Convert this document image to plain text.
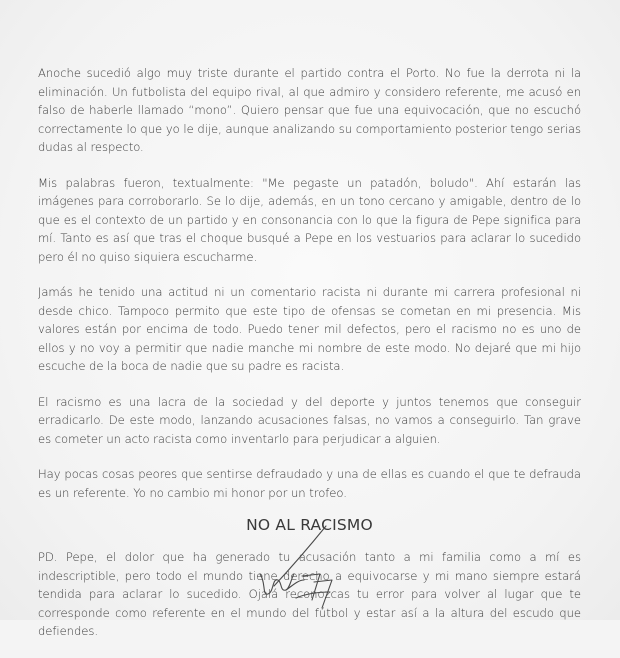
Anoche sucedió algo muy triste durante el partido contra el Porto. No fue la derrota ni la eliminación. Un futbolista del equipo rival, al que admiro y considero referente, me acusó en falso de haberle llamado “mono”. Quiero pensar que fue una equivocación, que no escuchó correctamente lo que yo le dije, aunque analizando su comportamiento posterior tengo serias dudas al respecto.

Mis palabras fueron, textualmente: "Me pegaste un patadón, boludo". Ahí estarán las imágenes para corroborarlo. Se lo dije, además, en un tono cercano y amigable, dentro de lo que es el contexto de un partido y en consonancia con lo que la figura de Pepe significa para mí. Tanto es así que tras el choque busqué a Pepe en los vestuarios para aclarar lo sucedido pero él no quiso siquiera escucharme.

Jamás he tenido una actitud ni un comentario racista ni durante mi carrera profesional ni desde chico. Tampoco permito que este tipo de ofensas se cometan en mi presencia. Mis valores están por encima de todo. Puedo tener mil defectos, pero el racismo no es uno de ellos y no voy a permitir que nadie manche mi nombre de este modo. No dejaré que mi hijo escuche de la boca de nadie que su padre es racista.

El racismo es una lacra de la sociedad y del deporte y juntos tenemos que conseguir erradicarlo. De este modo, lanzando acusaciones falsas, no vamos a conseguirlo. Tan grave es cometer un acto racista como inventarlo para perjudicar a alguien.

Hay pocas cosas peores que sentirse defraudado y una de ellas es cuando el que te defrauda es un referente. Yo no cambio mi honor por un trofeo.

NO AL RACISMO

PD. Pepe, el dolor que ha generado tu acusación tanto a mi familia como a mí es indescriptible, pero todo el mundo tiene derecho a equivocarse y mi mano siempre estará tendida para aclarar lo sucedido. Ojalá reconozcas tu error para volver al lugar que te corresponde como referente en el mundo del fútbol y estar así a la altura del escudo que defiendes.
